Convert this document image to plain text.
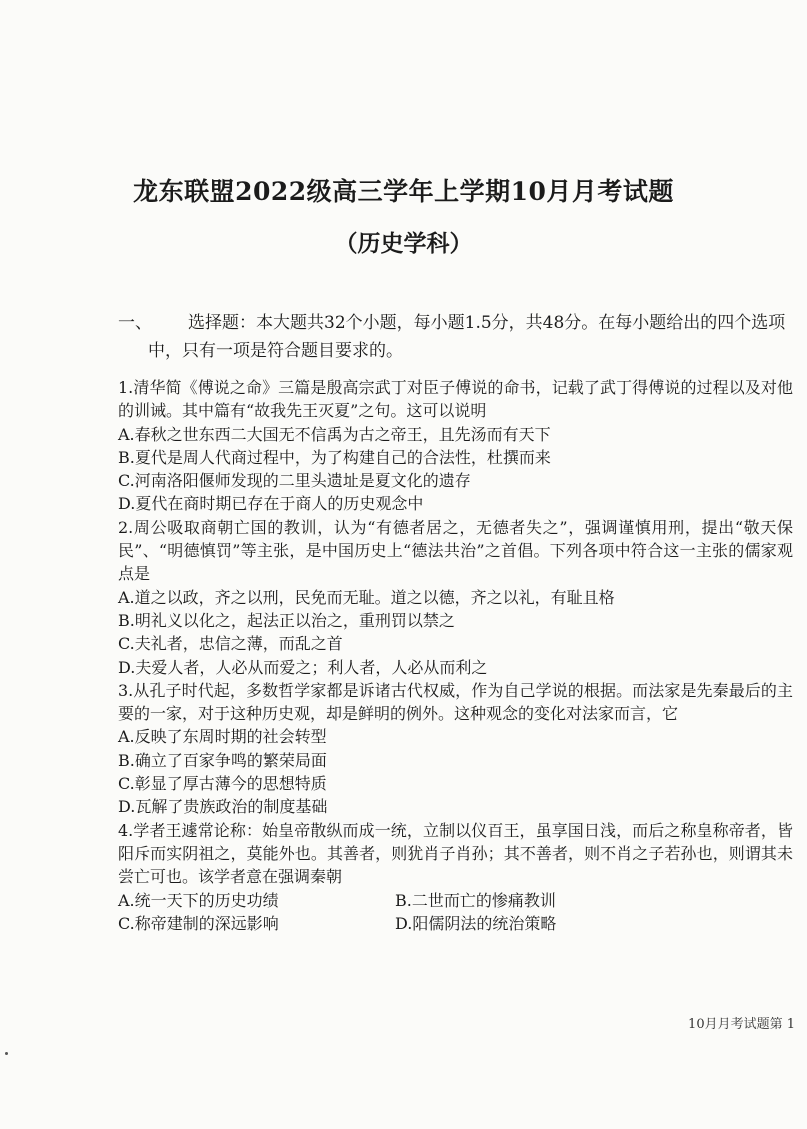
龙东联盟2022级高三学年上学期10月月考试题
（历史学科）
一、	选择题：本大题共32个小题，每小题1.5分，共48分。在每小题给出的四个选项中，只有一项是符合题目要求的。
1.清华简《傅说之命》三篇是殷高宗武丁对臣子傅说的命书，记载了武丁得傅说的过程以及对他的训诫。其中篇有“故我先王灭夏”之句。这可以说明
A.春秋之世东西二大国无不信禹为古之帝王，且先汤而有天下
B.夏代是周人代商过程中，为了构建自己的合法性，杜撰而来
C.河南洛阳偃师发现的二里头遗址是夏文化的遗存
D.夏代在商时期已存在于商人的历史观念中
2.周公吸取商朝亡国的教训，认为“有德者居之，无德者失之”，强调谨慎用刑，提出“敬天保民”、“明德慎罚”等主张，是中国历史上“德法共治”之首倡。下列各项中符合这一主张的儒家观点是
A.道之以政，齐之以刑，民免而无耻。道之以德，齐之以礼，有耻且格
B.明礼义以化之，起法正以治之，重刑罚以禁之
C.夫礼者，忠信之薄，而乱之首
D.夫爱人者，人必从而爱之；利人者，人必从而利之
3.从孔子时代起，多数哲学家都是诉诸古代权威，作为自己学说的根据。而法家是先秦最后的主要的一家，对于这种历史观，却是鲜明的例外。这种观念的变化对法家而言，它
A.反映了东周时期的社会转型
B.确立了百家争鸣的繁荣局面
C.彰显了厚古薄今的思想特质
D.瓦解了贵族政治的制度基础
4.学者王遽常论称：始皇帝散纵而成一统，立制以仪百王，虽享国日浅，而后之称皇称帝者，皆阳斥而实阴祖之，莫能外也。其善者，则犹肖子肖孙；其不善者，则不肖之子若孙也，则谓其未尝亡可也。该学者意在强调秦朝
A.统一天下的历史功绩	B.二世而亡的惨痛教训
C.称帝建制的深远影响	D.阳儒阴法的统治策略
10月月考试题第 1
